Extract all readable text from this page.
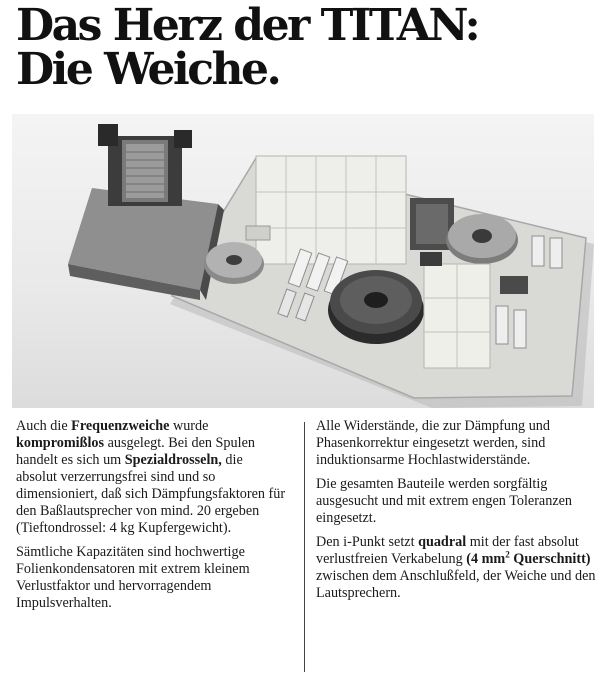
Das Herz der TITAN:
Die Weiche.

Auch die Frequenzweiche wurde kompromißlos ausgelegt. Bei den Spulen handelt es sich um Spezialdrosseln, die absolut verzerrungsfrei sind und so dimensioniert, daß sich Dämpfungsfaktoren für den Baßlautsprecher von mind. 20 ergeben (Tieftondrossel: 4 kg Kupfergewicht).

Sämtliche Kapazitäten sind hochwertige Folienkondensatoren mit extrem kleinem Verlustfaktor und hervorragendem Impulsverhalten.

Alle Widerstände, die zur Dämpfung und Phasenkorrektur eingesetzt werden, sind induktionsarme Hochlastwiderstände.

Die gesamten Bauteile werden sorgfältig ausgesucht und mit extrem engen Toleranzen eingesetzt.

Den i-Punkt setzt quadral mit der fast absolut verlustfreien Verkabelung (4 $mm^2$ Querschnitt) zwischen dem Anschlußfeld, der Weiche und den Lautsprechern.
